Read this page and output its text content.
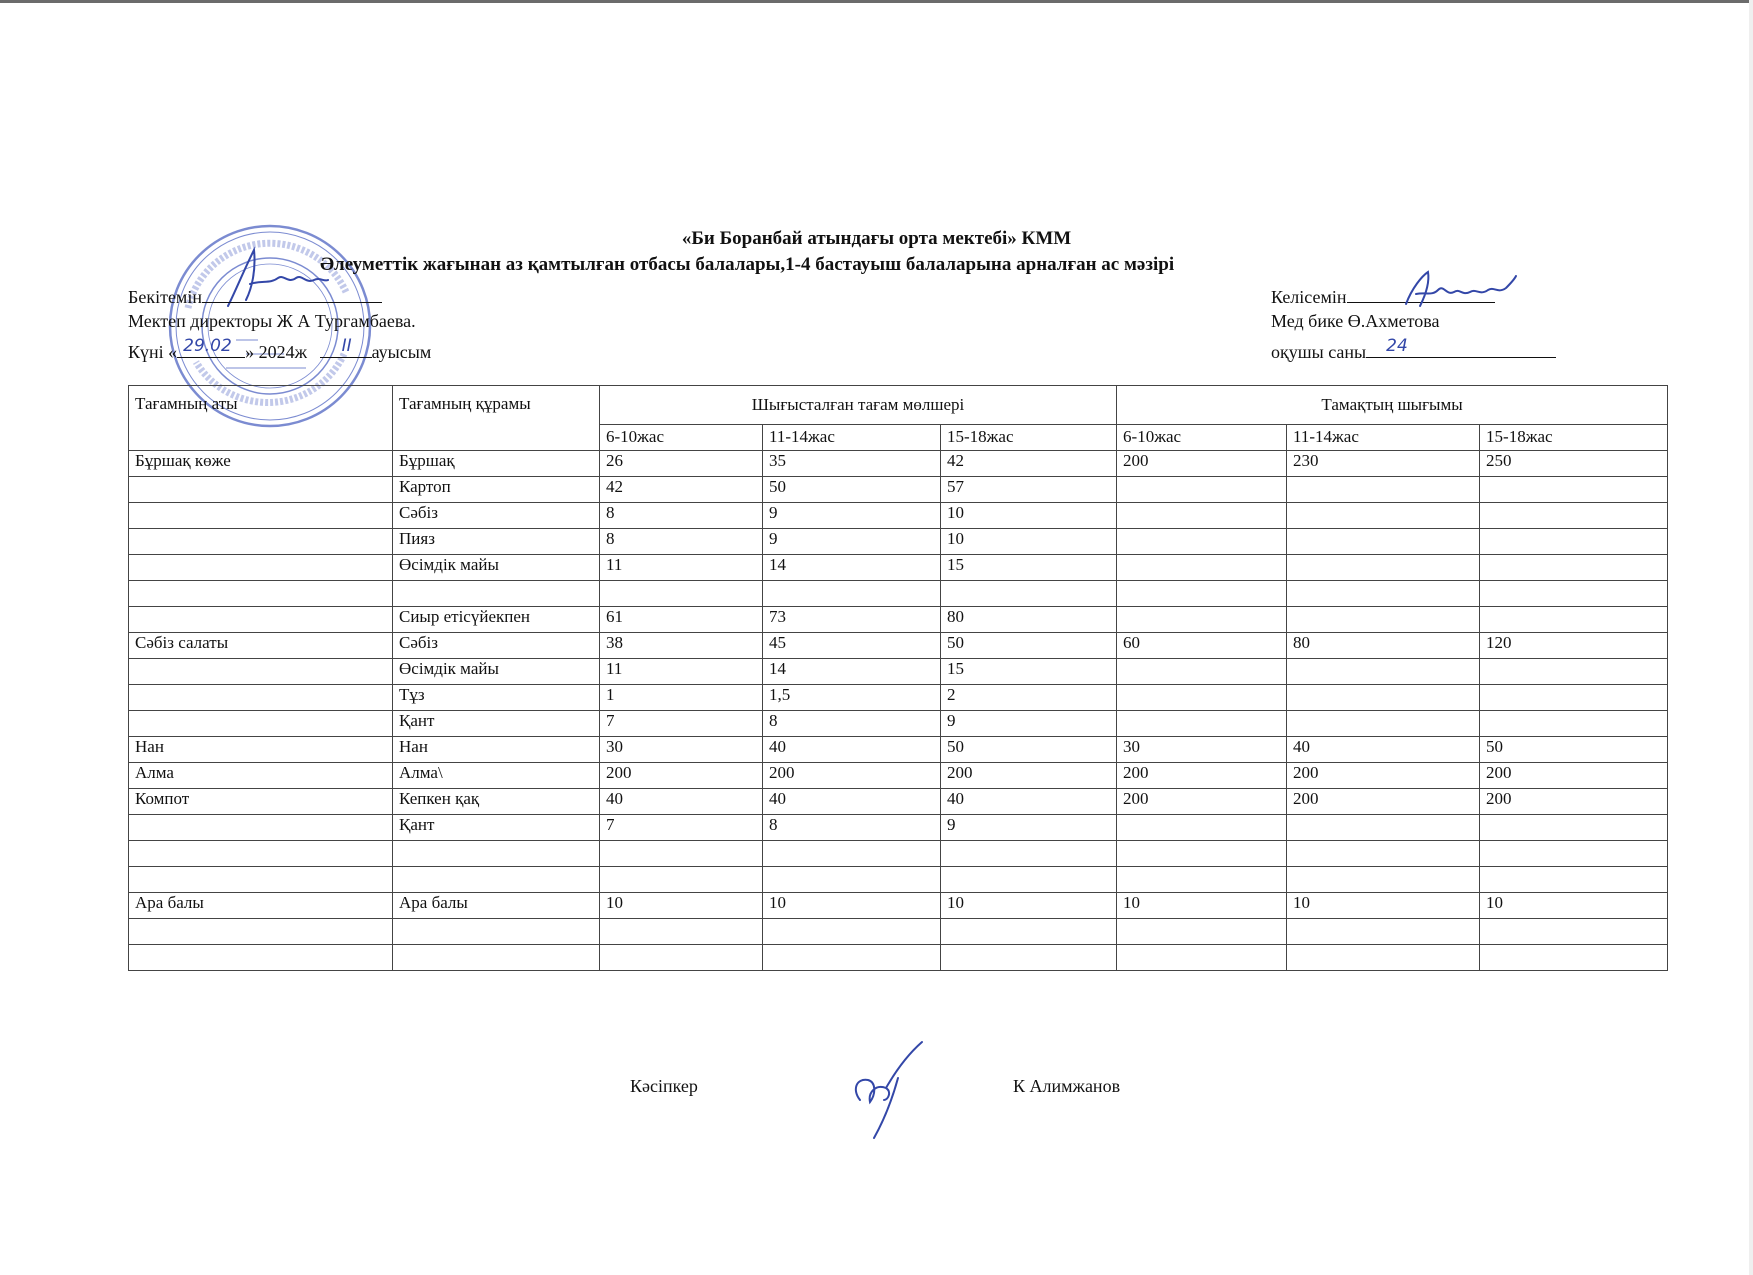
«Би Боранбай атындағы орта мектебі» КММ
Әлеуметтік жағынан аз қамтылған отбасы балалары,1-4 бастауыш балаларына арналған ас мәзірі
Бекітемін
Мектеп директоры Ж А Тургамбаева.
Күні « 29.02 » 2024ж II ауысым
Келісемін
Мед бике Ө.Ахметова
оқушы саны 24
Тағамның аты	Тағамның құрамы	Шығысталған тағам мөлшері			Тамақтың шығымы		
		6-10жас	11-14жас	15-18жас	6-10жас	11-14жас	15-18жас
Бұршақ көже	Бұршақ	26	35	42	200	230	250
	Картоп	42	50	57			
	Сәбіз	8	9	10			
	Пияз	8	9	10			
	Өсімдік майы	11	14	15			

	Сиыр етісүйекпен	61	73	80			
Сәбіз салаты	Сәбіз	38	45	50	60	80	120
	Өсімдік майы	11	14	15			
	Тұз	1	1,5	2			
	Қант	7	8	9			
Нан	Нан	30	40	50	30	40	50
Алма	Алма\	200	200	200	200	200	200
Компот	Кепкен қақ	40	40	40	200	200	200
	Қант	7	8	9			

Ара балы	Ара балы	10	10	10	10	10	10

Кәсіпкер	К Алимжанов
